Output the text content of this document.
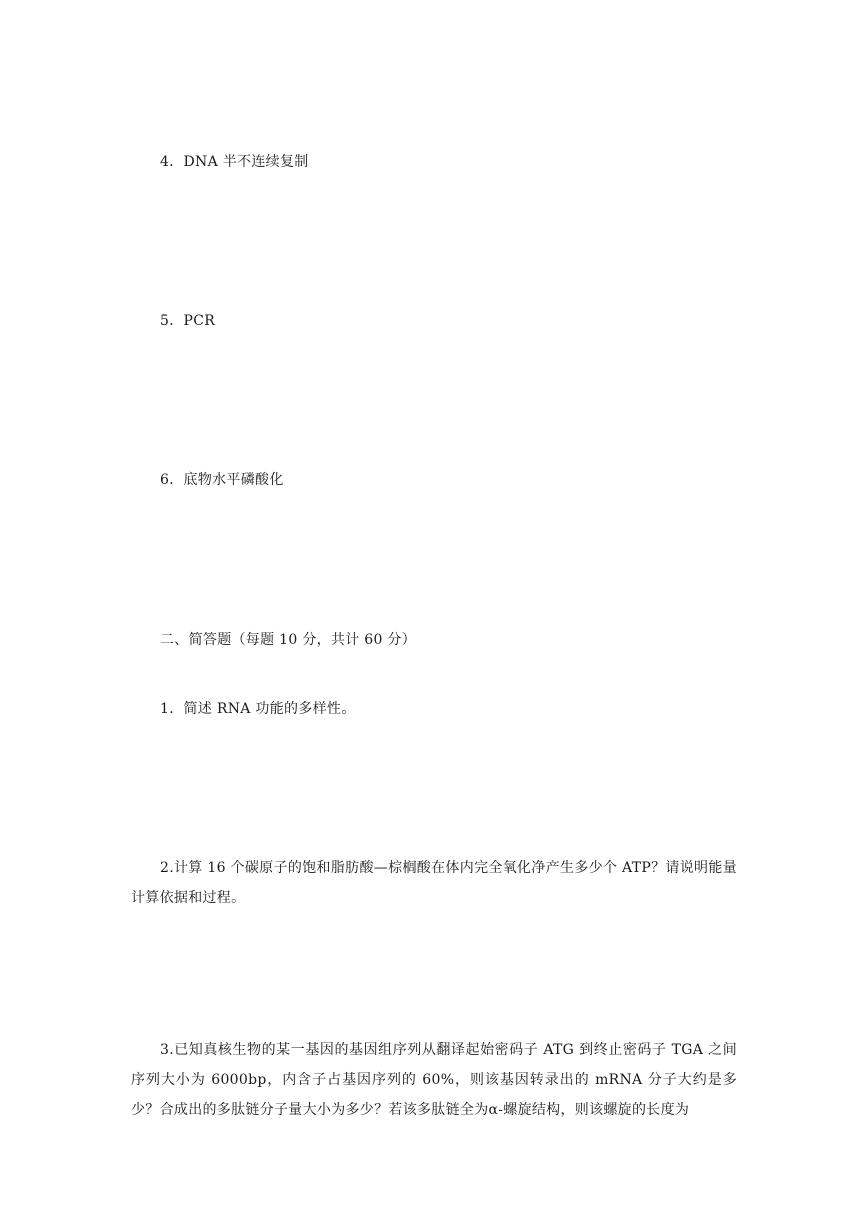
4．DNA 半不连续复制
5．PCR
6．底物水平磷酸化
二、简答题（每题 10 分，共计 60 分）
1．简述 RNA 功能的多样性。
2.计算 16 个碳原子的饱和脂肪酸—棕榈酸在体内完全氧化净产生多少个 ATP？请说明能量计算依据和过程。
3.已知真核生物的某一基因的基因组序列从翻译起始密码子 ATG 到终止密码子 TGA 之间序列大小为 6000bp，内含子占基因序列的 60%，则该基因转录出的 mRNA 分子大约是多少？合成出的多肽链分子量大小为多少？若该多肽链全为α-螺旋结构，则该螺旋的长度为
